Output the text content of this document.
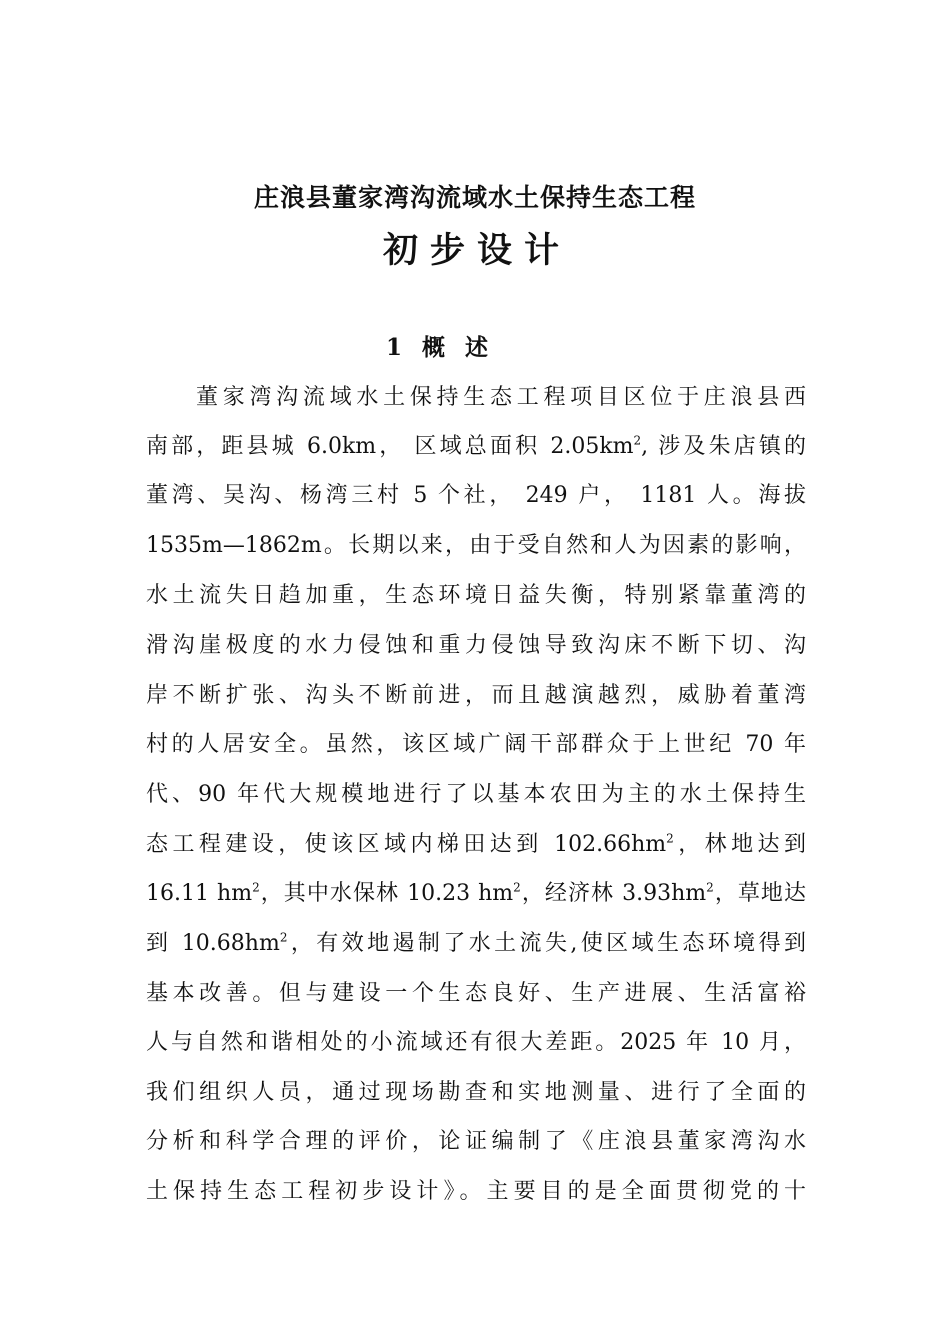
庄浪县董家湾沟流域水土保持生态工程
初步设计
1 概 述
董家湾沟流域水土保持生态工程项目区位于庄浪县西
南部，距县城 6.0km， 区域总面积 $2.05km^2$, 涉及朱店镇的
董湾、吴沟、杨湾三村 5 个社， 249 户， 1181 人。海拔
1535m—1862m。长期以来，由于受自然和人为因素的影响，
水土流失日趋加重，生态环境日益失衡，特别紧靠董湾的
滑沟崖极度的水力侵蚀和重力侵蚀导致沟床不断下切、沟
岸不断扩张、沟头不断前进，而且越演越烈，威胁着董湾
村的人居安全。虽然，该区域广阔干部群众于上世纪 70 年
代、90 年代大规模地进行了以基本农田为主的水土保持生
态工程建设，使该区域内梯田达到 $102.66hm^2$，林地达到
16.11 $hm^2$，其中水保林 10.23 $hm^2$，经济林 $3.93hm^2$，草地达
到 $10.68hm^2$，有效地遏制了水土流失,使区域生态环境得到
基本改善。但与建设一个生态良好、生产进展、生活富裕
人与自然和谐相处的小流域还有很大差距。2025 年 10 月，
我们组织人员，通过现场勘查和实地测量、进行了全面的
分析和科学合理的评价，论证编制了《庄浪县董家湾沟水
土保持生态工程初步设计》。主要目的是全面贯彻党的十
